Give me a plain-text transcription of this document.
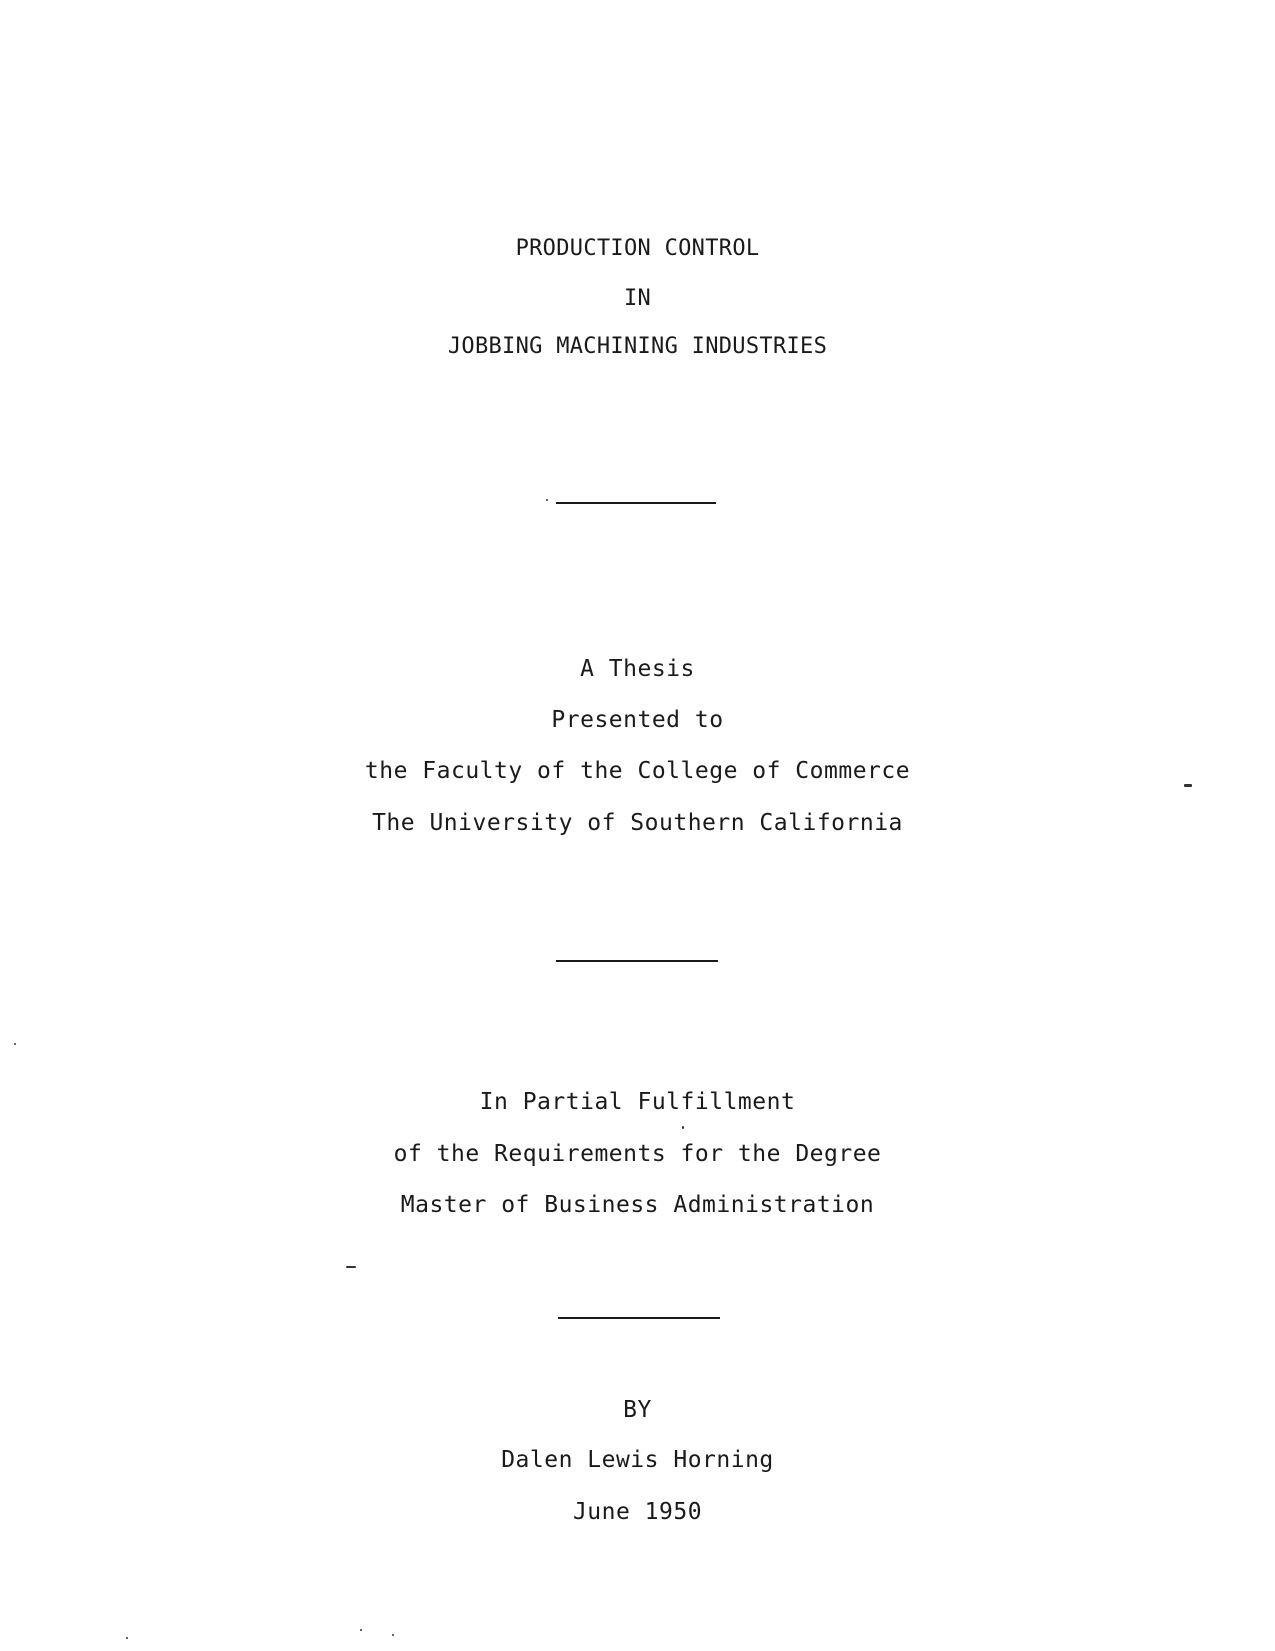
PRODUCTION CONTROL
IN
JOBBING MACHINING INDUSTRIES
A Thesis
Presented to
the Faculty of the College of Commerce
The University of Southern California
In Partial Fulfillment
of the Requirements for the Degree
Master of Business Administration
BY
Dalen Lewis Horning
June 1950
